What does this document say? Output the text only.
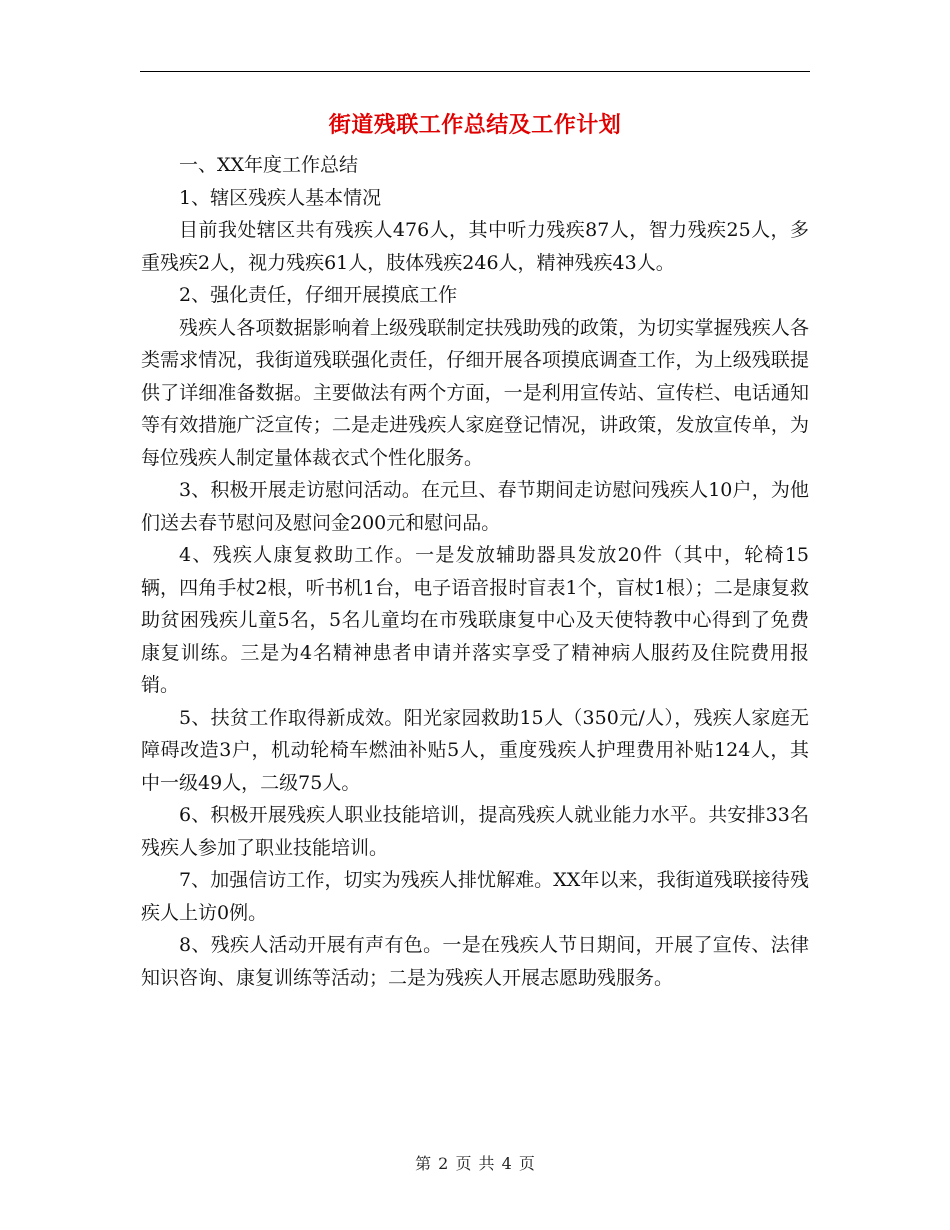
街道残联工作总结及工作计划

一、XX年度工作总结

1、辖区残疾人基本情况

目前我处辖区共有残疾人476人，其中听力残疾87人，智力残疾25人，多重残疾2人，视力残疾61人，肢体残疾246人，精神残疾43人。

2、强化责任，仔细开展摸底工作

残疾人各项数据影响着上级残联制定扶残助残的政策，为切实掌握残疾人各类需求情况，我街道残联强化责任，仔细开展各项摸底调查工作，为上级残联提供了详细准备数据。主要做法有两个方面，一是利用宣传站、宣传栏、电话通知等有效措施广泛宣传；二是走进残疾人家庭登记情况，讲政策，发放宣传单，为每位残疾人制定量体裁衣式个性化服务。

3、积极开展走访慰问活动。在元旦、春节期间走访慰问残疾人10户，为他们送去春节慰问及慰问金200元和慰问品。

4、残疾人康复救助工作。一是发放辅助器具发放20件（其中，轮椅15辆，四角手杖2根，听书机1台，电子语音报时盲表1个，盲杖1根）；二是康复救助贫困残疾儿童5名，5名儿童均在市残联康复中心及天使特教中心得到了免费康复训练。三是为4名精神患者申请并落实享受了精神病人服药及住院费用报销。

5、扶贫工作取得新成效。阳光家园救助15人（350元/人），残疾人家庭无障碍改造3户，机动轮椅车燃油补贴5人，重度残疾人护理费用补贴124人，其中一级49人，二级75人。

6、积极开展残疾人职业技能培训，提高残疾人就业能力水平。共安排33名残疾人参加了职业技能培训。

7、加强信访工作，切实为残疾人排忧解难。XX年以来，我街道残联接待残疾人上访0例。

8、残疾人活动开展有声有色。一是在残疾人节日期间，开展了宣传、法律知识咨询、康复训练等活动；二是为残疾人开展志愿助残服务。

第 2 页 共 4 页
